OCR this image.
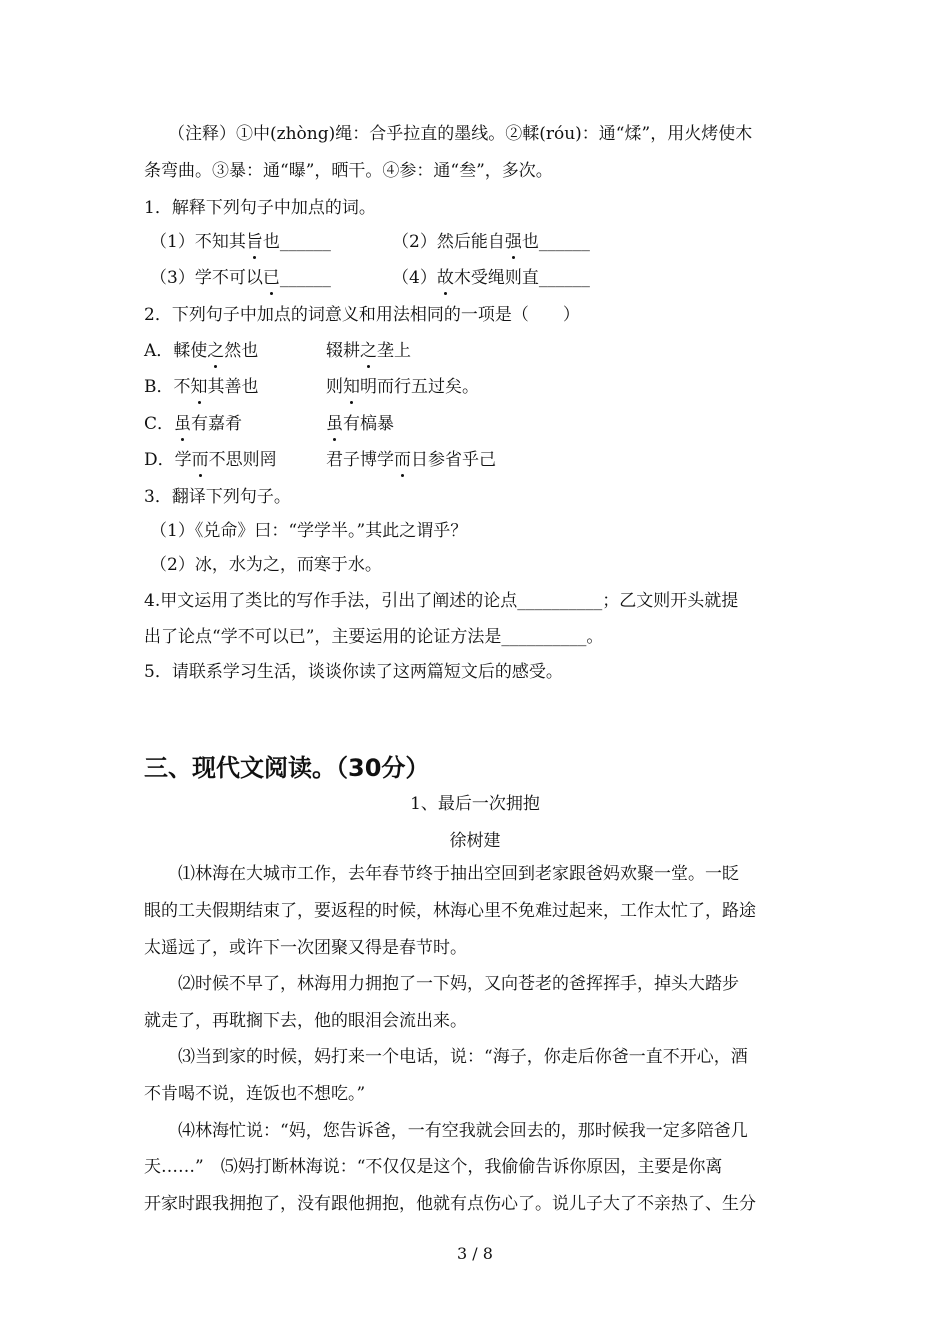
（注释）①中(zhòng)绳：合乎拉直的墨线。②輮(róu)：通“煣”，用火烤使木
条弯曲。③暴：通“曝”，晒干。④参：通“叁”，多次。
1．解释下列句子中加点的词。
（1）不知其旨也______	（2）然后能自强也______
（3）学不可以已______	（4）故木受绳则直______
2．下列句子中加点的词意义和用法相同的一项是（　　）
A．輮使之然也	辍耕之垄上
B．不知其善也	则知明而行五过矣。
C．虽有嘉肴	虽有槁暴
D．学而不思则罔	君子博学而日参省乎己
3．翻译下列句子。
（1）《兑命》曰：“学学半。”其此之谓乎？
（2）冰，水为之，而寒于水。
4.甲文运用了类比的写作手法，引出了阐述的论点__________；乙文则开头就提
出了论点“学不可以已”，主要运用的论证方法是__________。
5．请联系学习生活，谈谈你读了这两篇短文后的感受。
三、现代文阅读。（30分）
1、最后一次拥抱
徐树建
⑴林海在大城市工作，去年春节终于抽出空回到老家跟爸妈欢聚一堂。一眨
眼的工夫假期结束了，要返程的时候，林海心里不免难过起来，工作太忙了，路途
太遥远了，或许下一次团聚又得是春节时。
⑵时候不早了，林海用力拥抱了一下妈，又向苍老的爸挥挥手，掉头大踏步
就走了，再耽搁下去，他的眼泪会流出来。
⑶当到家的时候，妈打来一个电话，说：“海子，你走后你爸一直不开心，酒
不肯喝不说，连饭也不想吃。”
⑷林海忙说：“妈，您告诉爸，一有空我就会回去的，那时候我一定多陪爸几
天……”　⑸妈打断林海说：“不仅仅是这个，我偷偷告诉你原因，主要是你离
开家时跟我拥抱了，没有跟他拥抱，他就有点伤心了。说儿子大了不亲热了、生分
3 / 8
